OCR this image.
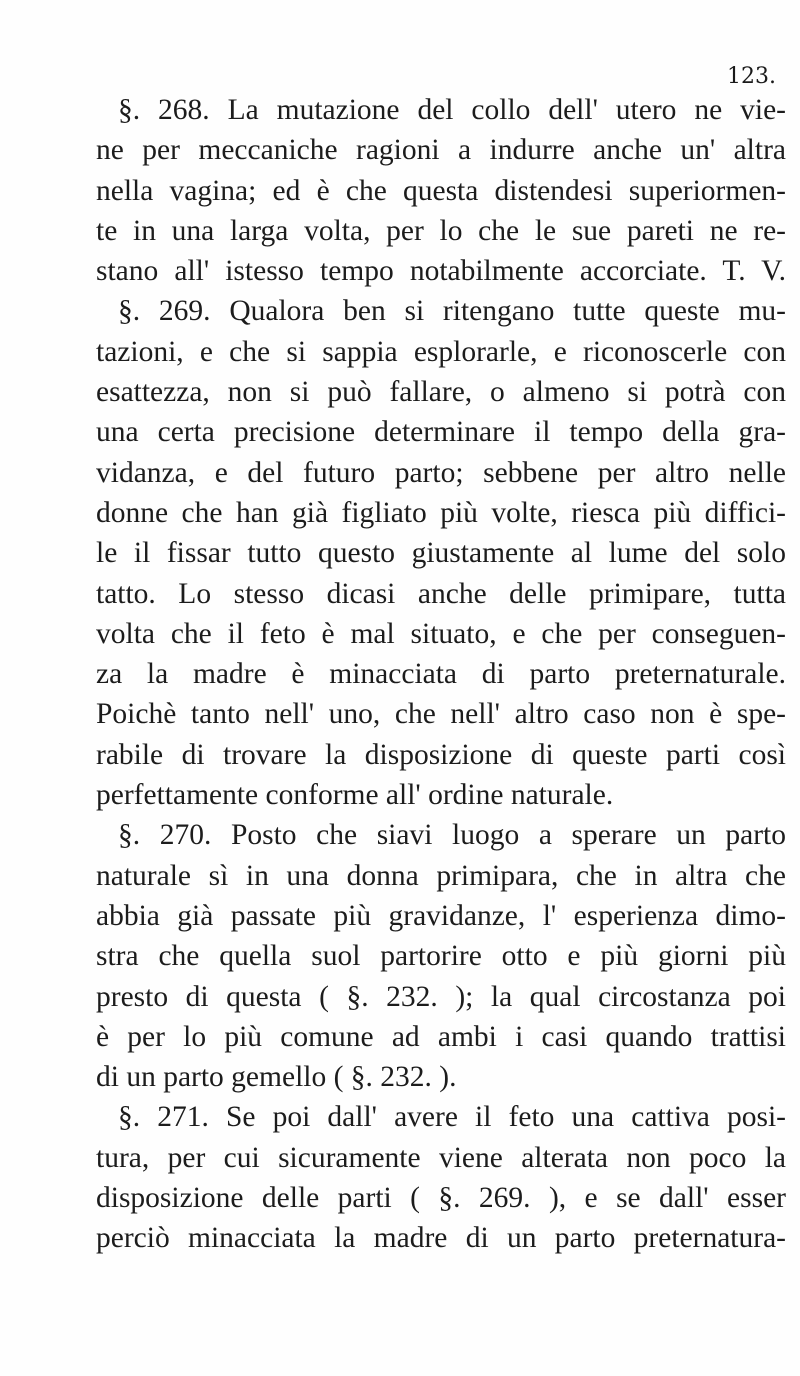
123.
§. 268. La mutazione del collo dell' utero ne vie-
ne per meccaniche ragioni a indurre anche un' altra
nella vagina; ed è che questa distendesi superiormen-
te in una larga volta, per lo che le sue pareti ne re-
stano all' istesso tempo notabilmente accorciate. T. V.
§. 269. Qualora ben si ritengano tutte queste mu-
tazioni, e che si sappia esplorarle, e riconoscerle con
esattezza, non si può fallare, o almeno si potrà con
una certa precisione determinare il tempo della gra-
vidanza, e del futuro parto; sebbene per altro nelle
donne che han già figliato più volte, riesca più diffici-
le il fissar tutto questo giustamente al lume del solo
tatto. Lo stesso dicasi anche delle primipare, tutta
volta che il feto è mal situato, e che per conseguen-
za la madre è minacciata di parto preternaturale.
Poichè tanto nell' uno, che nell' altro caso non è spe-
rabile di trovare la disposizione di queste parti così
perfettamente conforme all' ordine naturale.
§. 270. Posto che siavi luogo a sperare un parto
naturale sì in una donna primipara, che in altra che
abbia già passate più gravidanze, l' esperienza dimo-
stra che quella suol partorire otto e più giorni più
presto di questa ( §. 232. ); la qual circostanza poi
è per lo più comune ad ambi i casi quando trattisi
di un parto gemello ( §. 232. ).
§. 271. Se poi dall' avere il feto una cattiva posi-
tura, per cui sicuramente viene alterata non poco la
disposizione delle parti ( §. 269. ), e se dall' esser
perciò minacciata la madre di un parto preternatura-
